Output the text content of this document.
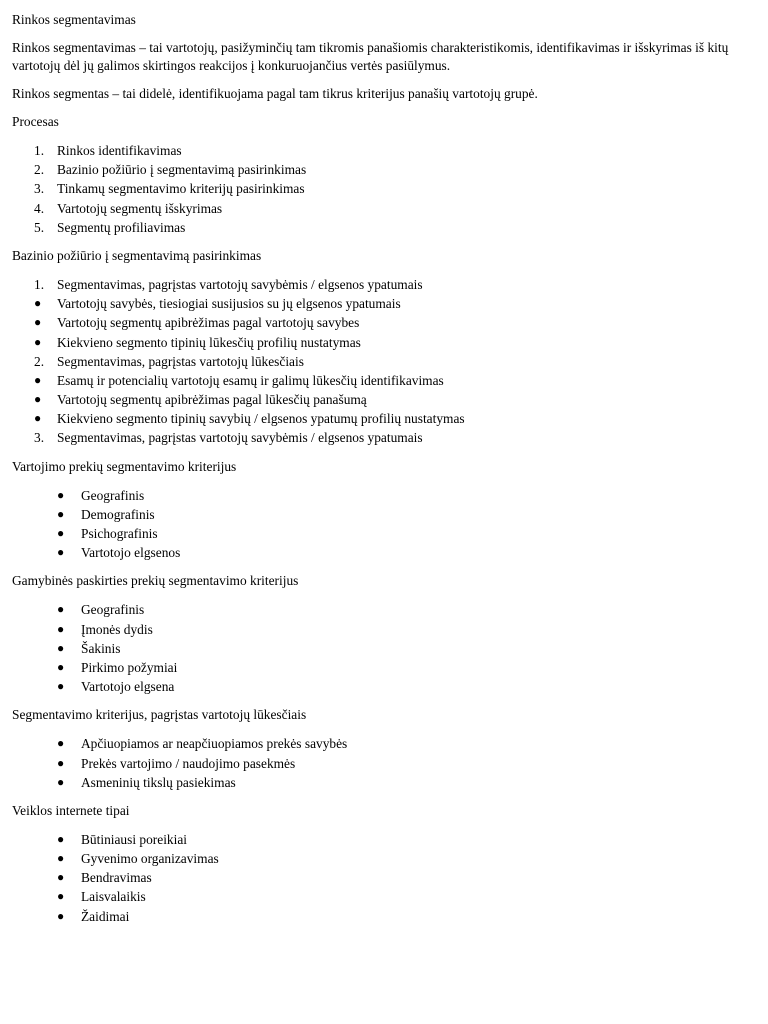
Rinkos segmentavimas

Rinkos segmentavimas – tai vartotojų, pasižyminčių tam tikromis panašiomis charakteristikomis, identifikavimas ir išskyrimas iš kitų vartotojų dėl jų galimos skirtingos reakcijos į konkuruojančius vertės pasiūlymus.

Rinkos segmentas – tai didelė, identifikuojama pagal tam tikrus kriterijus panašių vartotojų grupė.

Procesas
1. Rinkos identifikavimas
2. Bazinio požiūrio į segmentavimą pasirinkimas
3. Tinkamų segmentavimo kriterijų pasirinkimas
4. Vartotojų segmentų išskyrimas
5. Segmentų profiliavimas
Bazinio požiūrio į segmentavimą pasirinkimas
1. Segmentavimas, pagrįstas vartotojų savybėmis / elgsenos ypatumais
● Vartotojų savybės, tiesiogiai susijusios su jų elgsenos ypatumais
● Vartotojų segmentų apibrėžimas pagal vartotojų savybes
● Kiekvieno segmento tipinių lūkesčių profilių nustatymas
2. Segmentavimas, pagrįstas vartotojų lūkesčiais
● Esamų ir potencialių vartotojų esamų ir galimų lūkesčių identifikavimas
● Vartotojų segmentų apibrėžimas pagal lūkesčių panašumą
● Kiekvieno segmento tipinių savybių / elgsenos ypatumų profilių nustatymas
3. Segmentavimas, pagrįstas vartotojų savybėmis / elgsenos ypatumais
Vartojimo prekių segmentavimo kriterijus
● Geografinis
● Demografinis
● Psichografinis
● Vartotojo elgsenos
Gamybinės paskirties prekių segmentavimo kriterijus
● Geografinis
● Įmonės dydis
● Šakinis
● Pirkimo požymiai
● Vartotojo elgsena
Segmentavimo kriterijus, pagrįstas vartotojų lūkesčiais
● Apčiuopiamos ar neapčiuopiamos prekės savybės
● Prekės vartojimo / naudojimo pasekmės
● Asmeninių tikslų pasiekimas
Veiklos internete tipai
● Būtiniausi poreikiai
● Gyvenimo organizavimas
● Bendravimas
● Laisvalaikis
● Žaidimai
